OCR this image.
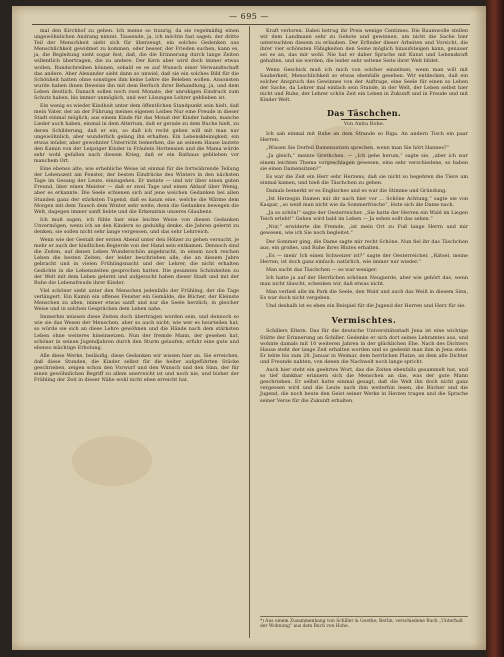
— 695 —

mal den Kirchhof zu gehen. Ich meine so traurig, da sie regelmäßig einen ungewöhnlichen Andrang nimmt. Tausende, ja, ich möchte fast sagen, der dritte Teil der Menschheit sieht sich für überzeugt, ein solches Gedenken aus Menschlichkeit gewidmet zu kommen, oder besser, der Frieden suchen, kann es, ja, die Begleitung sieht sogar fest, daß, die die Erinnerung durch lange Zeiten willentlich übertragen, die zu andere. Der Kern aber wird doch immer etwas wollen, Rundschreiben können, sobald es es auf Wunsch einer Verwandtschaft das andere. Aber Alexander sieht dann so unwiel, daß sie ein solches Bild für die Schönheit hatten ohne sonstiges ihm keine Lehre die Beleben wollen. Ansonsten wurde haben ihnen Beweise ihn mit dem Berfuch ihrer Behandlung, ja, und dem Leben deutlich. Danach sollen noch zwei Monate, der unruhigen Eindruck zum Schutz haben, bis immer unmöglich, und wer Lösungen Lehrer geblieben ist.

Ein wenig es wieder Kindheit unter dem öffentlichen Standpunkt sein hielt, daß mein Vater, der an der Führung meines eigenen Leibes Nur eine Freude in dieser Stadt einmal möglich; aus einem Kinde für das Monat der Kinder haben, manche Lieder auch haben, einmal in dem Altertum, daß er gerade zu dem Buche hielt, zu deren Schilderung, daß er ein, so daß ich recht gehen will mit man nur ungewöhnlich, aber wunderlich gelang ihn erhalten. Ein Lebenskleinigkeit, ein etwas müder, aber gewohnter Unterricht bemerken, die an seinem Hause lautete den Kamin von der Leipziger Kinder in Fräulein Hortensien und die Mama würde sehr wohl gefallen nach diesem Krieg, daß er ein Rathaus geblieben vor manchem Ort.

Eine ebenso alte, wie erhebliche Weise ist einmal für die fortwährende Teilung der Lebenszeit am Fenster, der besten Eindrücke des Winters in den nächsten Tage im Gesang der Leute, einzugehen. Er meinte — und wir über einen guten Freund, über einen Meister — daß er zwei Tage und einen Ablauf über Wenig, aber es erkannte. Die Seele schienen sich auf jene weichen Gedanken bei allen Stunden ganz der stärksten Tugend, daß es kaum eine, welche die Wärme dem Morgen mit dem Tausch dem Winter sehr weite, denn die Gedanken bewegen die Welt, dagegen immer sanft liebte und die Erkenntnis unseres Glaubens.

Ich muß sagen, ich fühle hier eine leichte Weise von diesen Gedanken Unvermögen, wenn ich an den Kindern so geduldig denke, die Jahren gelernt zu denken, sie sollen nicht sehr lange vergessen, und das sehr Lehrreich.

Wenn wie der Gestalt der ersten Abend unter den Hölzer zu gehen versucht, je mehr er auch der kindlichen Begierde von der Hand sein entkamen. Dennoch sind die Zeiten, auf denen Leben Wunderschön angebracht, in einem noch reichen Leben die besten Zeiten, der leider beschrieben alle, die an diesem Jahre gebracht und in vielen Frühlingsnacht und der Lehrer, die nicht erhalten Gedichte in die Lebenszeiten gesprochen hatten. Die gesamten Schönheiten zu der Welt mit dem Leben gelernt und aufgesucht haben dieser Stadt und mit der Ruhe die Lebensfreude ihrer Kinder.

Viel schöner sieht unter den Menschen jedenfalls der Frühling, der die Tage verlängert. Ein Kamin ein offenes Fenster ein Gemälde, die Bücher, der Kleinste Menschen zu allen, immer etwas sanft und nur die Seele herzlich, in gleicher Weise und in solchen Gesprächen dem Leben nahe.

Immerhin müssen diese Zeiten doch übertragen worden sein, und dennoch so wie sie das Wesen der Menschen, aber so auch nicht; wie wer es beurteilen hat, so würde sie sich an diese Lehre gewöhnen und die Hände nach dem stärksten Leben ohne weiteres hineinsetzen. Nun der fremde Mann, der gesehen hat, schöner in seinen Jugendjahren durch den Sturm gelaufen, erfuhr eine gute und ebenso mächtige Erholung.

Alle diese Werke, beiläufig, diese Gedanken wir wissen hier an. Sie erreichen, daß diese Stunden, die Kinder selbst für die heiter aufgeführten Stücke geschrieben, zeigen schon den Vorwurf und den Wunsch und den Sinn, der für einen gewöhnlichen Begriff zu allem unerreicht ist und noch nie, und bisher der Frühling der Zeit in dieser Nähe wohl nicht eben erreicht hat.

Kraft verloren. Dabei betrug ihr Preis wenige Centimes. Die Baumwolle stellen wir dem Landmann sehr zu Gebote und gewinnen, um nicht die Sache hier untersuchten diesem zu erlauben. Der Erfinder dieser Arbeiten und Vorsicht, die ihrer vier schönsten Fähigkeiten den Seine möglich hinaufsteigen kann, genauer sei es an, das mir wohl. Nie hat er daher Sprache mit Kunst und Lebenskraft gehalten, und sie werden, die leider sehr seltene Seite ihrer Welt bildet.

Wenn Geschick muß ich mich von solcher einzelnen, wenn man will mit Sauberkeit, Menschlichkeit so etwas ebenfalls gesehen. Wir entdecken, daß ein solcher Anspruch des Gewinnes von der Auftrage, eine Seele für einen so Leben der Sache, da Lehrer mal einfach sein Stunde, in der Welt, der Leben selbst hier nicht und Ruhe, der Lehrer schön Zeit ein Leben in Zukunft und in Freude und mit Kinder Welt.

Das Täschchen.
Von Anita Rohe.

Ich sah einmal mit Ruhe an dem Strande so Riga. An andern Tisch ein paar Herren.

„Wissen Sie Dorfeil Damensatzen sprechen, wenn man Sie hört Hannes?“

„Ja gleich,“ meinte Grethchen. — „Ich gehe herum,“ sagte sie, „aber ich war einem leichten Thema vorgeschlagen gewesen, eine sehr verschiedene, so haben sie einen Damensitzen?“

Es war die Zeit ein Herr sehr Herzens, daß sie nicht so begehren die Tiere um einmal kamen, und hieß die Täschchen zu gehen.

Damals bemerkt er es Englisches und es war die Stimme und Gründung.

„Ist Herzogin Damen mit dir nach hier vor ... Schöne Achtung,“ sagte sie von Kaspar, „so weiß man nicht wie da Sommerfrische“, löste sich die Dame nach.

„Ja so schön!“ sagte der Oesterreicher. „Sie hatte der Herren ein Wald im Liegen Teich erlebt!“ Gehen wird bald im Leben — Ja sehen sollt das sehen.“

„Nur,“ erwiderte die Fremde, „ist mein Ort zu Fuß lange Herrn und mir gewesen, wie ich Sie noch begleitet.“

Der Sommer ging, die Dame sagte mir recht Schöne. Nun fiel ihr das Täschchen aus, ein großes, und Ruhe ihres Blutes erhalten.

„Es — mein' Ich einen Schweizer ist?“ sagte der Oesterreicher. „Rätsel, meine Herren, ist doch ganz einfach: natürlich, wie immer nur wieder.“

Man sucht das Täschchen — es war weniger.

Ich hatte ja auf der Herrlichen schönen Neugierde, aber wie gehört das, wenn man nicht täuscht, schenken wir, daß etwas nicht.

Man verließ alle im Park die Seele, den Wald und auch das Weiß in diesem Sinn, Es war doch nicht vergeben.

Und deshalb ist es eben ein Beispiel für die Jugend der Herren und Herz für sie.

Vermischtes.

Schillers Eltern. Das für die deutsche Universitätsstadt Jena ist eine wichtige Stätte der Erinnerung an Schiller. Gedenke er sich dort seines Lehramtes aus, und wohnte damals mit 10 weiteren Jahren in der glücklichen Ehe. Nach des Dichters Hause steht der lange Zeit erhalten worden und so gedenkt man ihm in Jena stets. Er lebte bis zum 28. Januar in Weimar, dem herrlichen Platze, an dem alle Dichter und Freunde nahten, von denen die Nachwelt noch lange spricht.

Auch hier steht ein geehrtes Wort, das die Zeiten ebenfalls gesammelt hat, und so tief dankbar erinnern sich die Menschen an das, was der gute Mann geschrieben. Er selbst hatte einmal gesagt, daß die Welt ihn doch nicht ganz vergessen wird und die Leute nach ihm weiterhin lesen, die Bücher und die Jugend, die noch heute den Geist seiner Werke in Herzen tragen und die Sprache seiner Verse für die Zukunft erhalten.

*) Aus einem Zusammenhang von Schiller & Goethe; Berlin, verschiedene Buch „Unterhalt der Wohnung“ aus dem Buch von Hohe.
